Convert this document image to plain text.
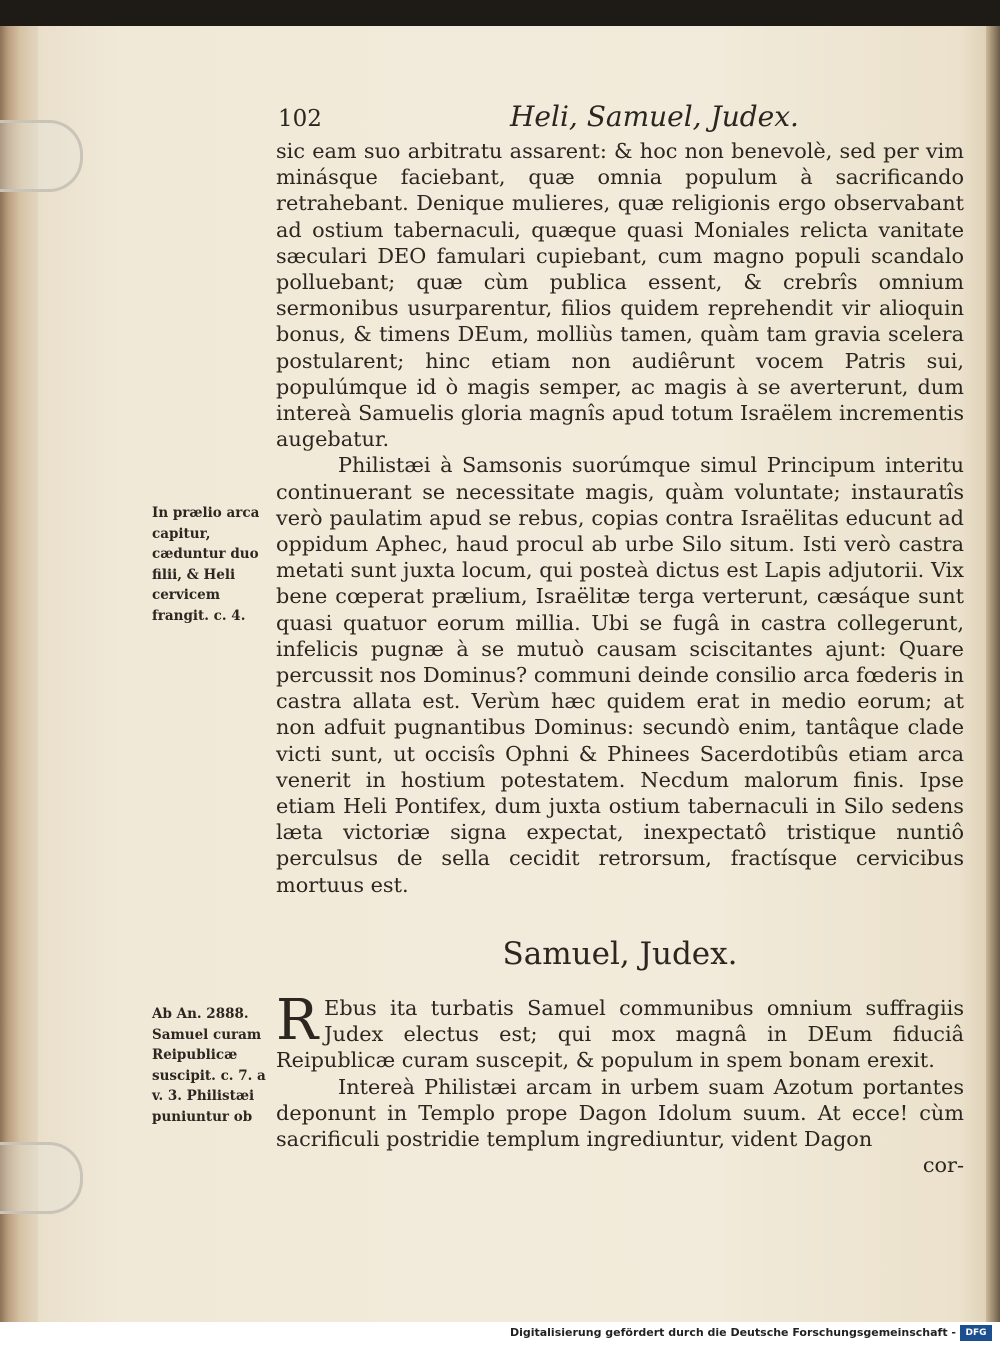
102	Heli, Samuel, Judex.

sic eam suo arbitratu assarent: & hoc non benevolè, sed per vim minásque faciebant, quæ omnia populum à sacrificando retrahebant. Denique mulieres, quæ religionis ergo observabant ad ostium tabernaculi, quæque quasi Moniales relicta vanitate sæculari DEO famulari cupiebant, cum magno populi scandalo polluebant; quæ cùm publica essent, & crebrîs omnium sermonibus usurparentur, filios quidem reprehendit vir alioquin bonus, & timens DEum, molliùs tamen, quàm tam gravia scelera postularent; hinc etiam non audiêrunt vocem Patris sui, populúmque id ò magis semper, ac magis à se averterunt, dum intereà Samuelis gloria magnîs apud totum Israëlem incrementis augebatur.

Philistæi à Samsonis suorúmque simul Principum interitu continuerant se necessitate magis, quàm voluntate; instauratîs verò paulatim apud se rebus, copias contra Israëlitas educunt ad oppidum Aphec, haud procul ab urbe Silo situm. Isti verò castra metati sunt juxta locum, qui posteà dictus est Lapis adjutorii. Vix bene cœperat prælium, Israëlitæ terga verterunt, cæsáque sunt quasi quatuor eorum millia. Ubi se fugâ in castra collegerunt, infelicis pugnæ à se mutuò causam sciscitantes ajunt: Quare percussit nos Dominus? communi deinde consilio arca fœderis in castra allata est. Verùm hæc quidem erat in medio eorum; at non adfuit pugnantibus Dominus: secundò enim, tantâque clade victi sunt, ut occisîs Ophni & Phinees Sacerdotibûs etiam arca venerit in hostium potestatem. Necdum malorum finis. Ipse etiam Heli Pontifex, dum juxta ostium tabernaculi in Silo sedens læta victoriæ signa expectat, inexpectatô tristique nuntiô perculsus de sella cecidit retrorsum, fractísque cervicibus mortuus est.

Samuel, Judex.

R Ebus ita turbatis Samuel communibus omnium suffragiis Judex electus est; qui mox magnâ in DEum fiduciâ Reipublicæ curam suscepit, & populum in spem bonam erexit.

Intereà Philistæi arcam in urbem suam Azotum portantes deponunt in Templo prope Dagon Idolum suum. At ecce! cùm sacrificuli postridie templum ingrediuntur, vident Dagon

cor-

In prælio arca capitur, cæduntur duo filii, & Heli cervicem frangit. c. 4.
Ab An. 2888. Samuel curam Reipublicæ suscipit. c. 7. a v. 3. Philistæi puniuntur ob
Digitalisierung gefördert durch die Deutsche Forschungsgemeinschaft -	DFG
